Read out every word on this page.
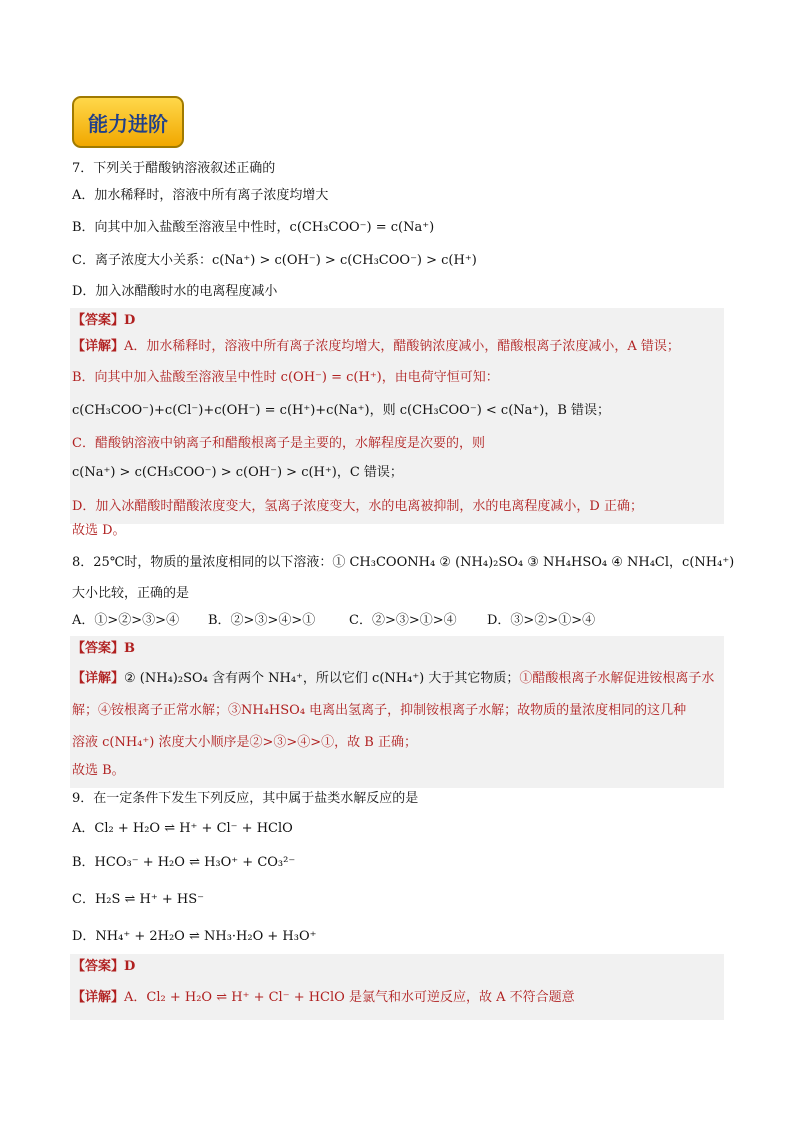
能力进阶
7．下列关于醋酸钠溶液叙述正确的
A．加水稀释时，溶液中所有离子浓度均增大
B．向其中加入盐酸至溶液呈中性时，c(CH₃COO⁻) = c(Na⁺)
C．离子浓度大小关系：c(Na⁺) > c(OH⁻) > c(CH₃COO⁻) > c(H⁺)
D．加入冰醋酸时水的电离程度减小
【答案】D
【详解】A．加水稀释时，溶液中所有离子浓度均增大，醋酸钠浓度减小，醋酸根离子浓度减小，A 错误；
B．向其中加入盐酸至溶液呈中性时 c(OH⁻) = c(H⁺)，由电荷守恒可知：
c(CH₃COO⁻)+c(Cl⁻)+c(OH⁻) = c(H⁺)+c(Na⁺)，则 c(CH₃COO⁻) < c(Na⁺)，B 错误；
C．醋酸钠溶液中钠离子和醋酸根离子是主要的，水解程度是次要的，则
c(Na⁺) > c(CH₃COO⁻) > c(OH⁻) > c(H⁺)，C 错误；
D．加入冰醋酸时醋酸浓度变大，氢离子浓度变大，水的电离被抑制，水的电离程度减小，D 正确；
故选 D。
8．25℃时，物质的量浓度相同的以下溶液：① CH₃COONH₄ ② (NH₄)₂SO₄ ③ NH₄HSO₄ ④ NH₄Cl，c(NH₄⁺)
大小比较，正确的是
A．①>②>③>④ B．②>③>④>①	C．②>③>①>④ D．③>②>①>④
【答案】B
【详解】② (NH₄)₂SO₄ 含有两个 NH₄⁺，所以它们 c(NH₄⁺) 大于其它物质；①醋酸根离子水解促进铵根离子水
解；④铵根离子正常水解；③NH₄HSO₄ 电离出氢离子，抑制铵根离子水解；故物质的量浓度相同的这几种
溶液 c(NH₄⁺) 浓度大小顺序是②>③>④>①，故 B 正确；
故选 B。
9．在一定条件下发生下列反应，其中属于盐类水解反应的是
A．Cl₂ + H₂O ⇌ H⁺ + Cl⁻ + HClO
B．HCO₃⁻ + H₂O ⇌ H₃O⁺ + CO₃²⁻
C．H₂S ⇌ H⁺ + HS⁻
D．NH₄⁺ + 2H₂O ⇌ NH₃·H₂O + H₃O⁺
【答案】D
【详解】A．Cl₂ + H₂O ⇌ H⁺ + Cl⁻ + HClO 是氯气和水可逆反应，故 A 不符合题意
